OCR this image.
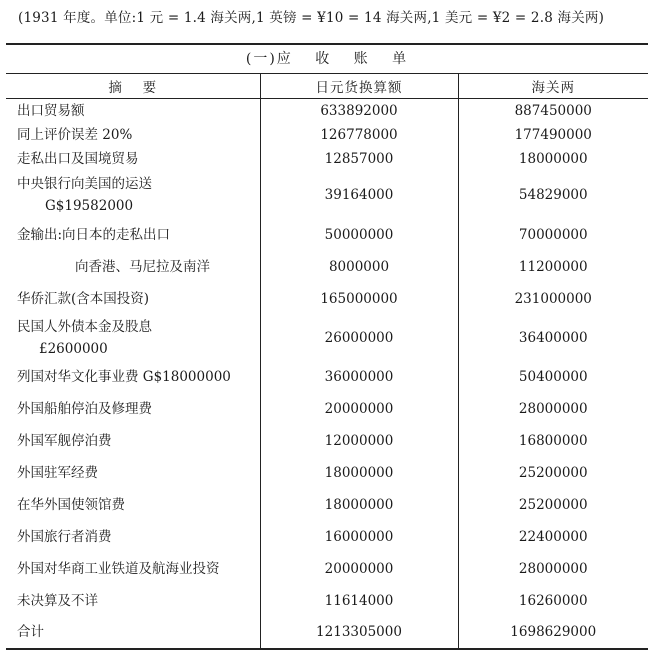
(1931 年度。单位:1 元 = 1.4 海关两,1 英镑 = ¥10 = 14 海关两,1 美元 = ¥2 = 2.8 海关两)
(一)应　 收　 账　 单
摘　 要	日元货换算额	海关两
出口贸易额	633892000	887450000
同上评价误差 20%	126778000	177490000
走私出口及国境贸易	12857000	18000000
中央银行向美国的运送
G$19582000	39164000	54829000
金输出:向日本的走私出口	50000000	70000000
向香港、马尼拉及南洋	8000000	11200000
华侨汇款(含本国投资)	165000000	231000000
民国人外债本金及股息
£2600000	26000000	36400000
列国对华文化事业费 G$18000000	36000000	50400000
外国船舶停泊及修理费	20000000	28000000
外国军舰停泊费	12000000	16800000
外国驻军经费	18000000	25200000
在华外国使领馆费	18000000	25200000
外国旅行者消费	16000000	22400000
外国对华商工业铁道及航海业投资	20000000	28000000
未决算及不详	11614000	16260000
合计	1213305000	1698629000
